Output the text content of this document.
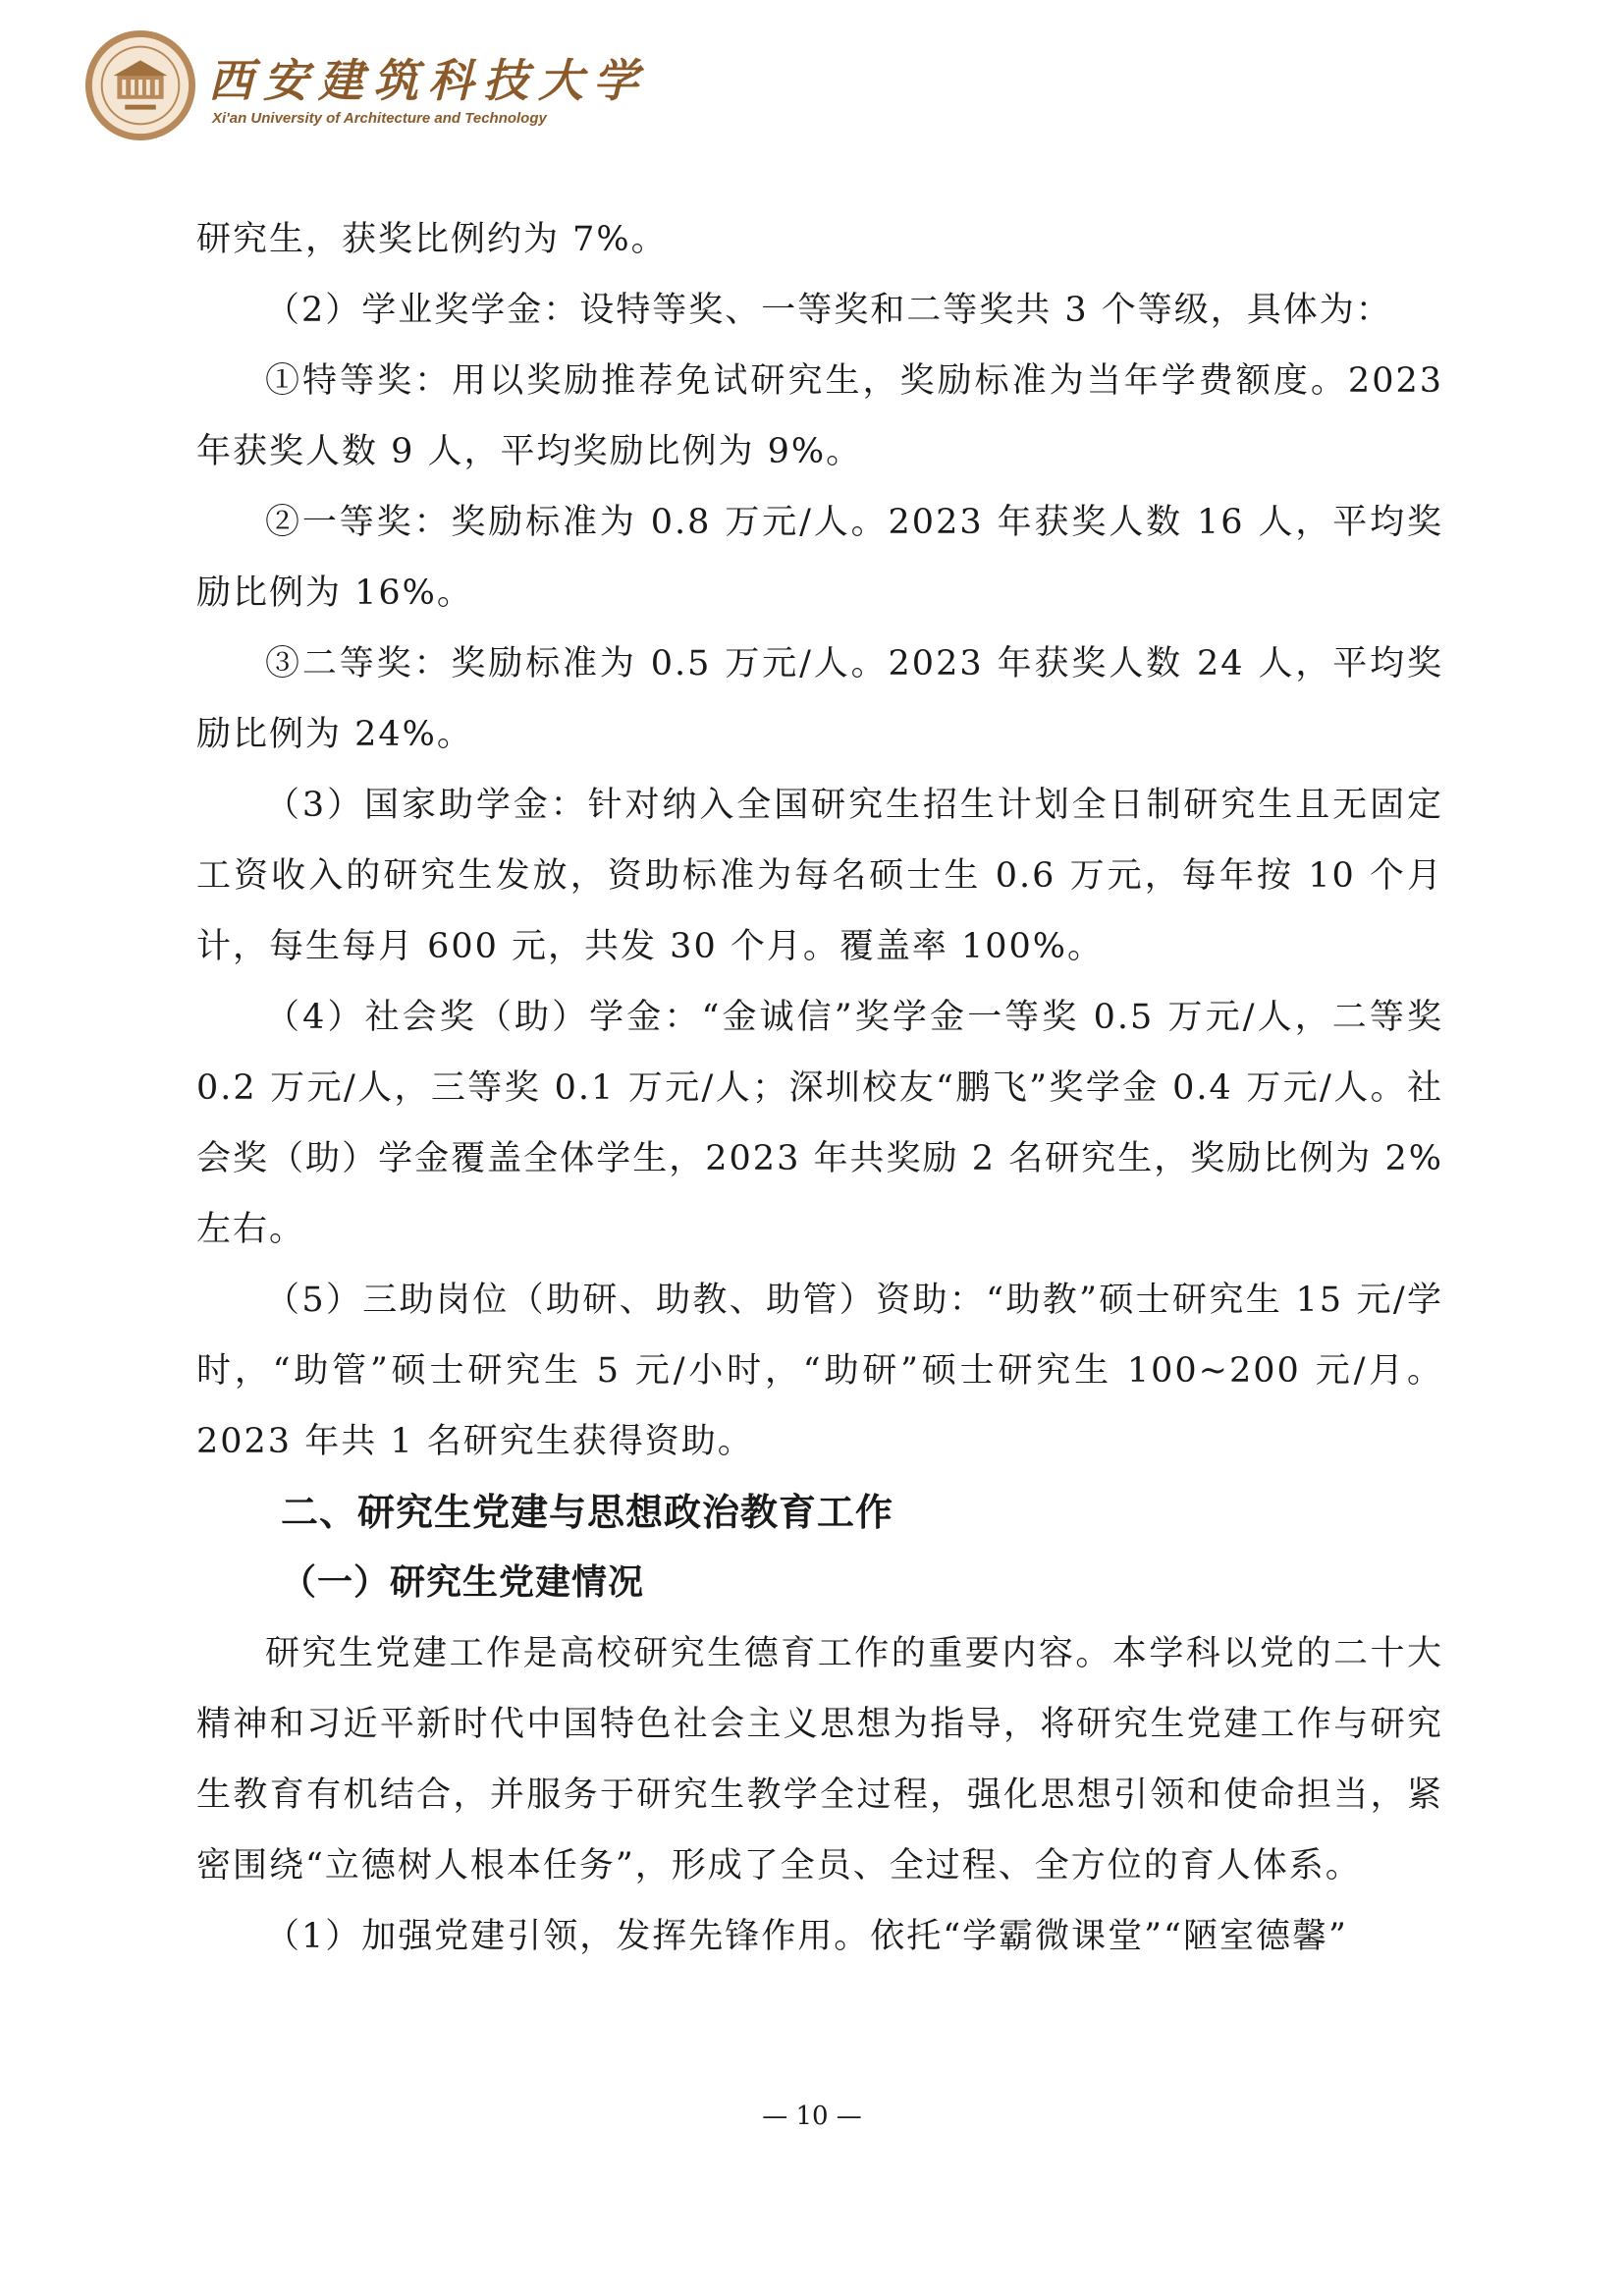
西安建筑科技大学
Xi'an University of Architecture and Technology

研究生，获奖比例约为 7%。

（2）学业奖学金：设特等奖、一等奖和二等奖共 3 个等级，具体为：

①特等奖：用以奖励推荐免试研究生，奖励标准为当年学费额度。2023 年获奖人数 9 人，平均奖励比例为 9%。

②一等奖：奖励标准为 0.8 万元/人。2023 年获奖人数 16 人，平均奖励比例为 16%。

③二等奖：奖励标准为 0.5 万元/人。2023 年获奖人数 24 人，平均奖励比例为 24%。

（3）国家助学金：针对纳入全国研究生招生计划全日制研究生且无固定工资收入的研究生发放，资助标准为每名硕士生 0.6 万元，每年按 10 个月计，每生每月 600 元，共发 30 个月。覆盖率 100%。

（4）社会奖（助）学金：“金诚信”奖学金一等奖 0.5 万元/人，二等奖 0.2 万元/人，三等奖 0.1 万元/人；深圳校友“鹏飞”奖学金 0.4 万元/人。社会奖（助）学金覆盖全体学生，2023 年共奖励 2 名研究生，奖励比例为 2%左右。

（5）三助岗位（助研、助教、助管）资助：“助教”硕士研究生 15 元/学时，“助管”硕士研究生 5 元/小时，“助研”硕士研究生 100~200 元/月。2023 年共 1 名研究生获得资助。

二、研究生党建与思想政治教育工作

（一）研究生党建情况

研究生党建工作是高校研究生德育工作的重要内容。本学科以党的二十大精神和习近平新时代中国特色社会主义思想为指导，将研究生党建工作与研究生教育有机结合，并服务于研究生教学全过程，强化思想引领和使命担当，紧密围绕“立德树人根本任务”，形成了全员、全过程、全方位的育人体系。

（1）加强党建引领，发挥先锋作用。依托“学霸微课堂”“陋室德馨”

— 10 —
